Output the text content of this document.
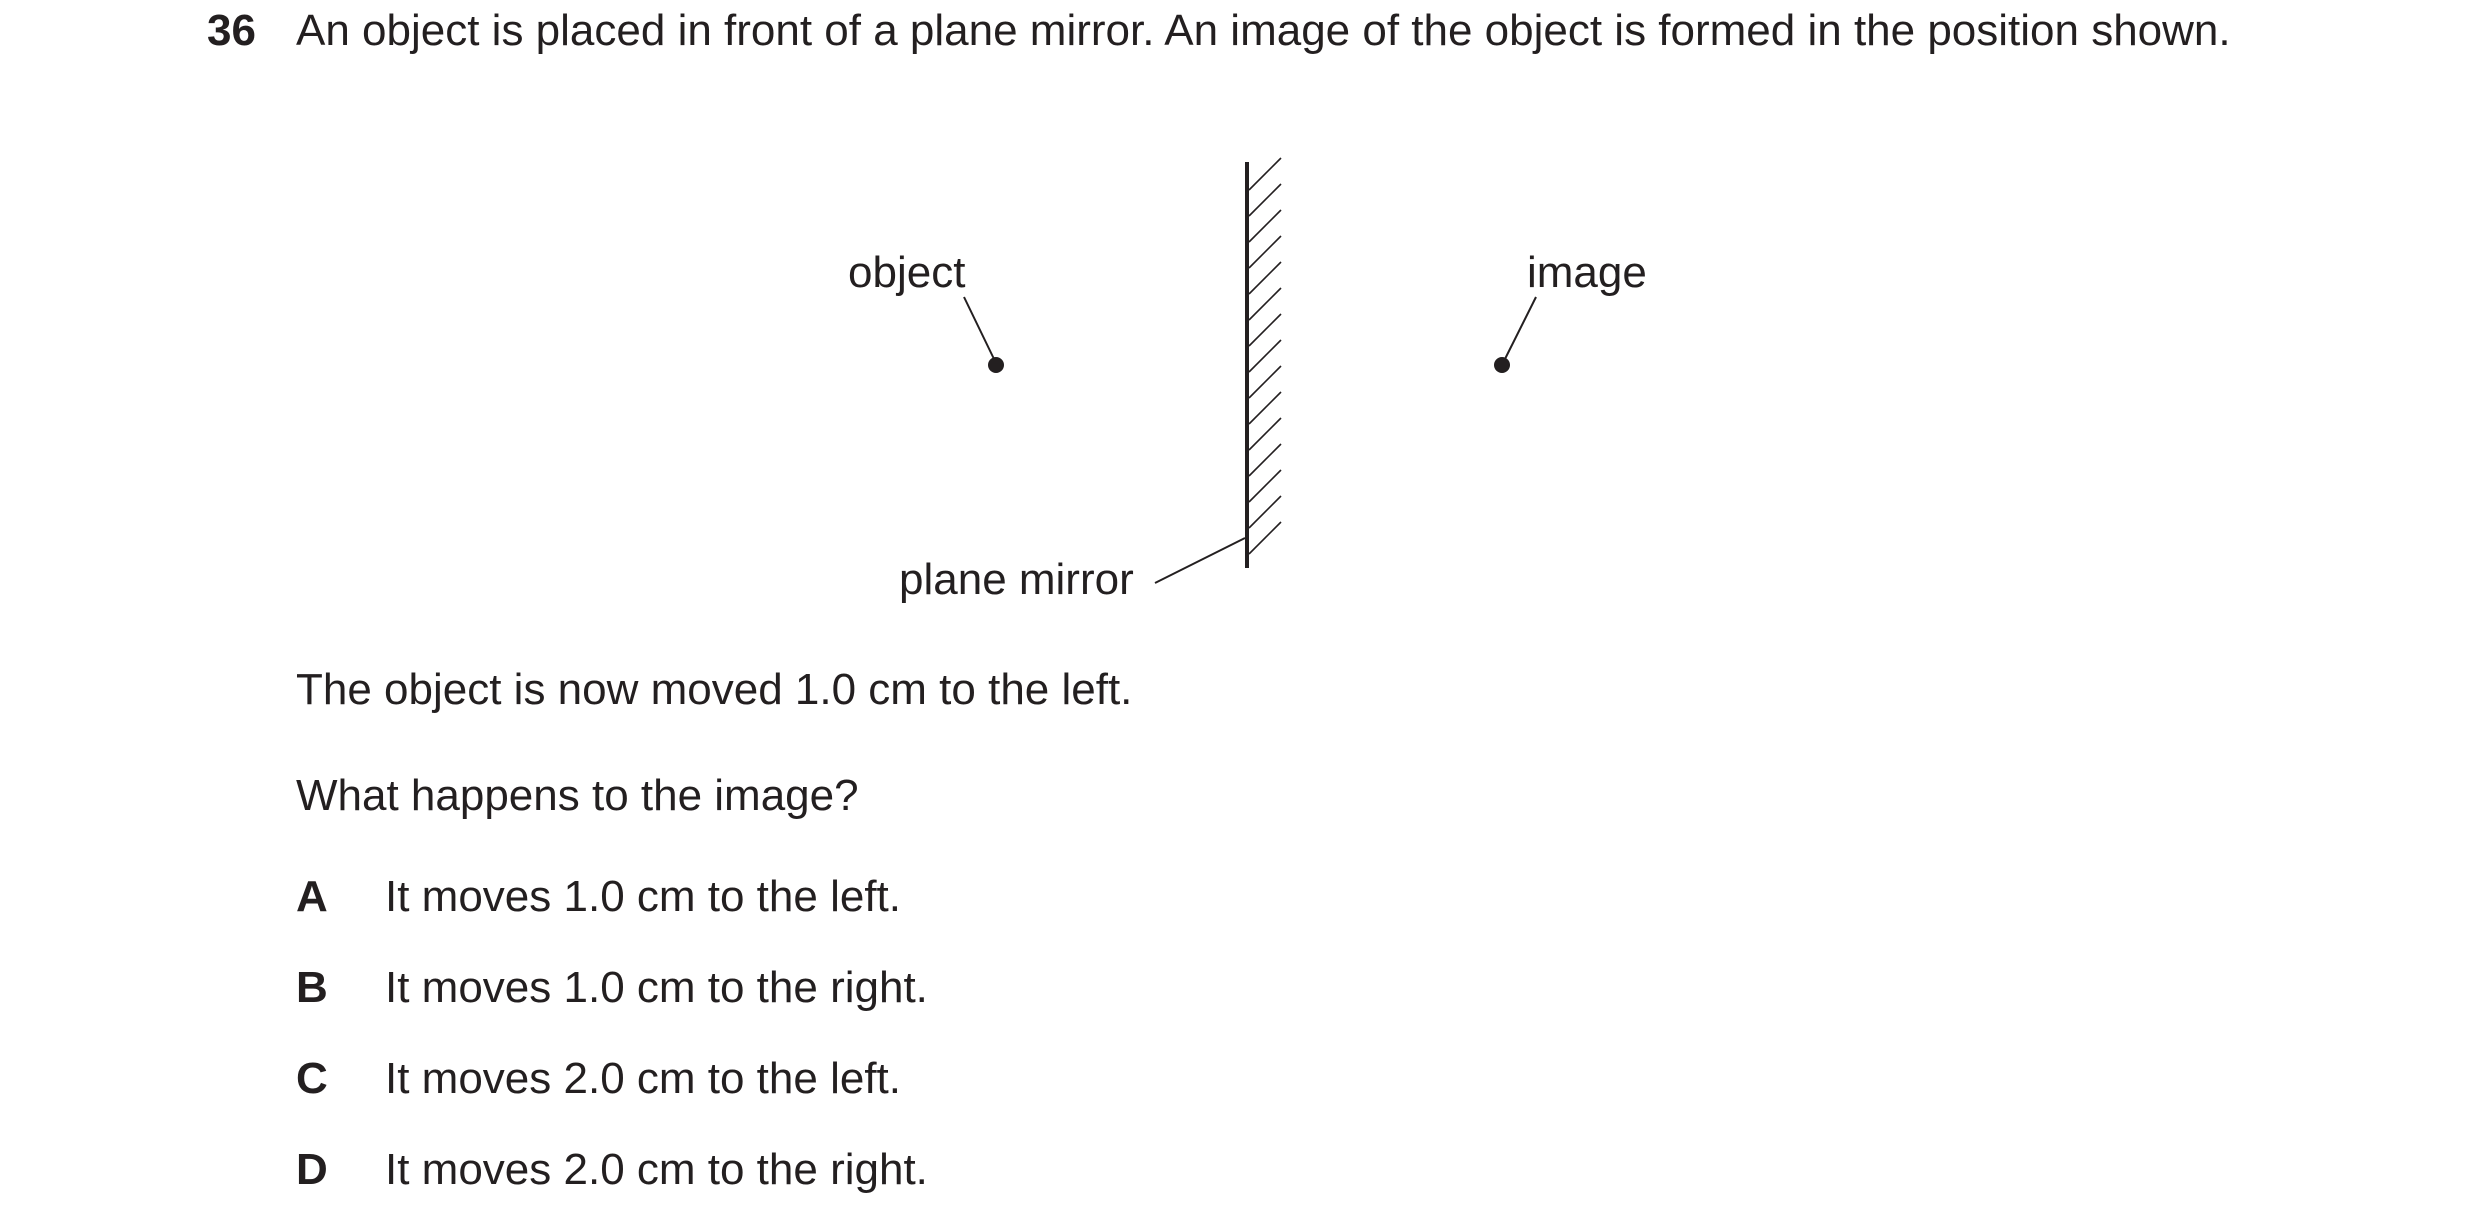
36 An object is placed in front of a plane mirror. An image of the object is formed in the position shown.
object	image
plane mirror
The object is now moved 1.0 cm to the left.
What happens to the image?
A It moves 1.0 cm to the left.
B It moves 1.0 cm to the right.
C It moves 2.0 cm to the left.
D It moves 2.0 cm to the right.
